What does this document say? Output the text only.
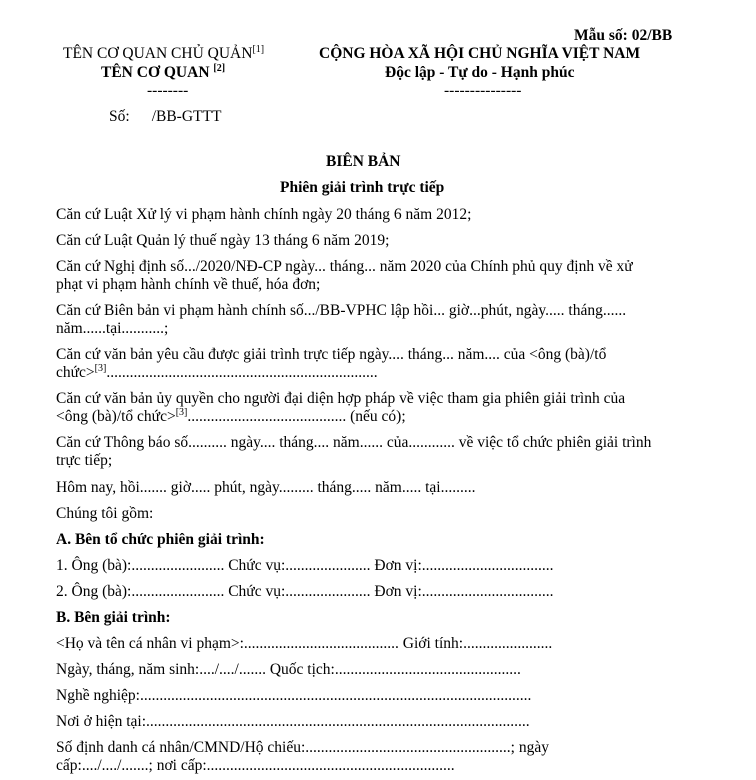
Mẫu số: 02/BB
TÊN CƠ QUAN CHỦ QUẢN[1]
TÊN CƠ QUAN [2]
--------
Số: /BB-GTTT
CỘNG HÒA XÃ HỘI CHỦ NGHĨA VIỆT NAM
Độc lập - Tự do - Hạnh phúc
---------------
BIÊN BẢN
Phiên giải trình trực tiếp
Căn cứ Luật Xử lý vi phạm hành chính ngày 20 tháng 6 năm 2012;
Căn cứ Luật Quản lý thuế ngày 13 tháng 6 năm 2019;
Căn cứ Nghị định số.../2020/NĐ-CP ngày... tháng... năm 2020 của Chính phủ quy định về xử
phạt vi phạm hành chính về thuế, hóa đơn;
Căn cứ Biên bản vi phạm hành chính số.../BB-VPHC lập hồi... giờ...phút, ngày..... tháng......
năm......tại...........;
Căn cứ văn bản yêu cầu được giải trình trực tiếp ngày.... tháng... năm.... của <ông (bà)/tổ
chức>[3]......................................................................
Căn cứ văn bản ủy quyền cho người đại diện hợp pháp về việc tham gia phiên giải trình của
<ông (bà)/tổ chức>[3]......................................... (nếu có);
Căn cứ Thông báo số.......... ngày.... tháng.... năm...... của............ về việc tổ chức phiên giải trình
trực tiếp;
Hôm nay, hồi....... giờ..... phút, ngày......... tháng..... năm..... tại.........
Chúng tôi gồm:
A. Bên tổ chức phiên giải trình:
1. Ông (bà):........................ Chức vụ:...................... Đơn vị:..................................
2. Ông (bà):........................ Chức vụ:...................... Đơn vị:..................................
B. Bên giải trình:
<Họ và tên cá nhân vi phạm>:........................................ Giới tính:.......................
Ngày, tháng, năm sinh:..../..../....... Quốc tịch:................................................
Nghề nghiệp:.....................................................................................................
Nơi ở hiện tại:...................................................................................................
Số định danh cá nhân/CMND/Hộ chiếu:.....................................................; ngày
cấp:..../..../.......; nơi cấp:................................................................
